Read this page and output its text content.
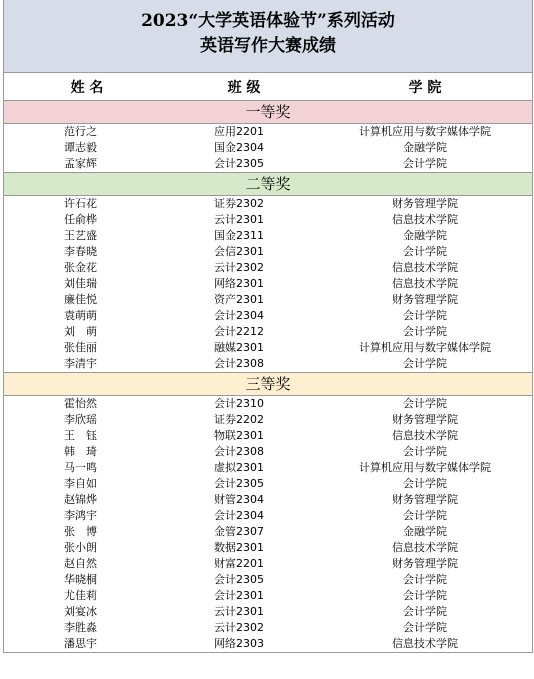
2023“大学英语体验节”系列活动
英语写作大赛成绩
姓 名	班 级	学 院
一等奖		
范行之	应用2201	计算机应用与数字媒体学院
谭志毅	国金2304	金融学院
孟家辉	会计2305	会计学院
二等奖		
许石花	证券2302	财务管理学院
任俞桦	云计2301	信息技术学院
王艺盛	国金2311	金融学院
李春晓	会信2301	会计学院
张金花	云计2302	信息技术学院
刘佳瑞	网络2301	信息技术学院
廉佳悦	资产2301	财务管理学院
袁萌萌	会计2304	会计学院
刘　萌	会计2212	会计学院
张佳丽	融媒2301	计算机应用与数字媒体学院
李清宇	会计2308	会计学院
三等奖		
霍怡然	会计2310	会计学院
李欣瑶	证券2202	财务管理学院
王　钰	物联2301	信息技术学院
韩　琦	会计2308	会计学院
马一鸣	虚拟2301	计算机应用与数字媒体学院
李自如	会计2305	会计学院
赵锦烨	财管2304	财务管理学院
李鸿宇	会计2304	会计学院
张　博	金管2307	金融学院
张小朗	数据2301	信息技术学院
赵自然	财富2201	财务管理学院
华晓桐	会计2305	会计学院
尤佳莉	会计2301	会计学院
刘宴冰	云计2301	会计学院
李胜淼	云计2302	会计学院
潘思宇	网络2303	信息技术学院
